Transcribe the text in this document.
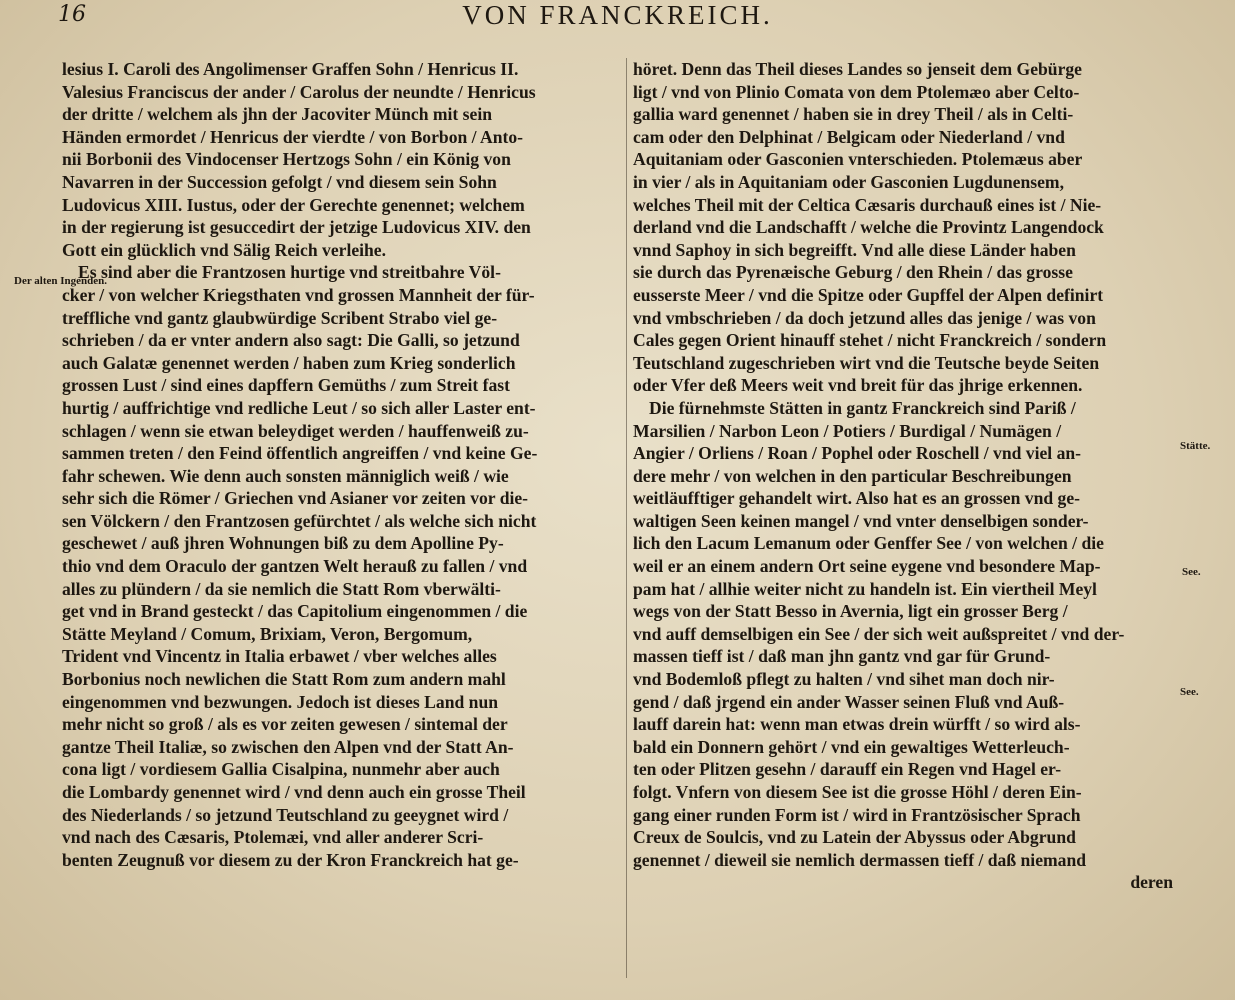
16	VON FRANCKREICH.
lesius I. Caroli des Angolimenser Graffen Sohn / Henricus II.
Valesius Franciscus der ander / Carolus der neundte / Henricus
der dritte / welchem als jhn der Jacoviter Münch mit sein
Händen ermordet / Henricus der vierdte / von Borbon / Anto-
nii Borbonii des Vindocenser Hertzogs Sohn / ein König von
Navarren in der Succession gefolgt / vnd diesem sein Sohn
Ludovicus XIII. Iustus, oder der Gerechte genennet; welchem
in der regierung ist gesuccedirt der jetzige Ludovicus XIV. den
Gott ein glücklich vnd Sälig Reich verleihe.
Es sind aber die Frantzosen hurtige vnd streitbahre Völ-
cker / von welcher Kriegsthaten vnd grossen Mannheit der für-
treffliche vnd gantz glaubwürdige Scribent Strabo viel ge-
schrieben / da er vnter andern also sagt: Die Galli, so jetzund
auch Galatæ genennet werden / haben zum Krieg sonderlich
grossen Lust / sind eines dapffern Gemüths / zum Streit fast
hurtig / auffrichtige vnd redliche Leut / so sich aller Laster ent-
schlagen / wenn sie etwan beleydiget werden / hauffenweiß zu-
sammen treten / den Feind öffentlich angreiffen / vnd keine Ge-
fahr schewen. Wie denn auch sonsten männiglich weiß / wie
sehr sich die Römer / Griechen vnd Asianer vor zeiten vor die-
sen Völckern / den Frantzosen gefürchtet / als welche sich nicht
geschewet / auß jhren Wohnungen biß zu dem Apolline Py-
thio vnd dem Oraculo der gantzen Welt herauß zu fallen / vnd
alles zu plündern / da sie nemlich die Statt Rom vberwälti-
get vnd in Brand gesteckt / das Capitolium eingenommen / die
Stätte Meyland / Comum, Brixiam, Veron, Bergomum,
Trident vnd Vincentz in Italia erbawet / vber welches alles
Borbonius noch newlichen die Statt Rom zum andern mahl
eingenommen vnd bezwungen. Jedoch ist dieses Land nun
mehr nicht so groß / als es vor zeiten gewesen / sintemal der
gantze Theil Italiæ, so zwischen den Alpen vnd der Statt An-
cona ligt / vordiesem Gallia Cisalpina, nunmehr aber auch
die Lombardy genennet wird / vnd denn auch ein grosse Theil
des Niederlands / so jetzund Teutschland zu geeygnet wird /
vnd nach des Cæsaris, Ptolemæi, vnd aller anderer Scri-
benten Zeugnuß vor diesem zu der Kron Franckreich hat ge-
höret. Denn das Theil dieses Landes so jenseit dem Gebürge
ligt / vnd von Plinio Comata von dem Ptolemæo aber Celto-
gallia ward genennet / haben sie in drey Theil / als in Celti-
cam oder den Delphinat / Belgicam oder Niederland / vnd
Aquitaniam oder Gasconien vnterschieden. Ptolemæus aber
in vier / als in Aquitaniam oder Gasconien Lugdunensem,
welches Theil mit der Celtica Cæsaris durchauß eines ist / Nie-
derland vnd die Landschafft / welche die Provintz Langendock
vnnd Saphoy in sich begreifft. Vnd alle diese Länder haben
sie durch das Pyrenæische Geburg / den Rhein / das grosse
eusserste Meer / vnd die Spitze oder Gupffel der Alpen definirt
vnd vmbschrieben / da doch jetzund alles das jenige / was von
Cales gegen Orient hinauff stehet / nicht Franckreich / sondern
Teutschland zugeschrieben wirt vnd die Teutsche beyde Seiten
oder Vfer deß Meers weit vnd breit für das jhrige erkennen.
Die fürnehmste Stätten in gantz Franckreich sind Pariß /
Marsilien / Narbon Leon / Potiers / Burdigal / Numägen /
Angier / Orliens / Roan / Pophel oder Roschell / vnd viel an-
dere mehr / von welchen in den particular Beschreibungen
weitläufftiger gehandelt wirt. Also hat es an grossen vnd ge-
waltigen Seen keinen mangel / vnd vnter denselbigen sonder-
lich den Lacum Lemanum oder Genffer See / von welchen / die
weil er an einem andern Ort seine eygene vnd besondere Map-
pam hat / allhie weiter nicht zu handeln ist. Ein viertheil Meyl
wegs von der Statt Besso in Avernia, ligt ein grosser Berg /
vnd auff demselbigen ein See / der sich weit außspreitet / vnd der-
massen tieff ist / daß man jhn gantz vnd gar für Grund-
vnd Bodemloß pflegt zu halten / vnd sihet man doch nir-
gend / daß jrgend ein ander Wasser seinen Fluß vnd Auß-
lauff darein hat: wenn man etwas drein würfft / so wird als-
bald ein Donnern gehört / vnd ein gewaltiges Wetterleuch-
ten oder Plitzen gesehn / darauff ein Regen vnd Hagel er-
folgt. Vnfern von diesem See ist die grosse Höhl / deren Ein-
gang einer runden Form ist / wird in Frantzösischer Sprach
Creux de Soulcis, vnd zu Latein der Abyssus oder Abgrund
genennet / dieweil sie nemlich dermassen tieff / daß niemand
deren
Der alten Ingenden.
Stätte.
See.
See.
